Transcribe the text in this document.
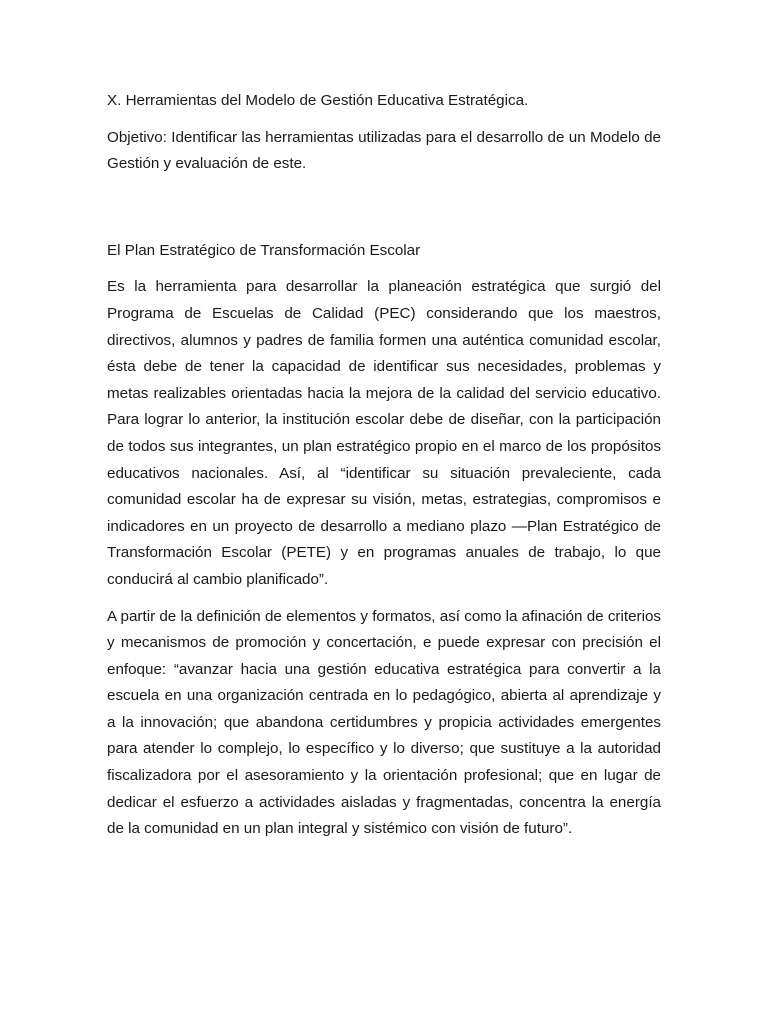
X. Herramientas del Modelo de Gestión Educativa Estratégica.

Objetivo: Identificar las herramientas utilizadas para el desarrollo de un Modelo de Gestión y evaluación de este.

El Plan Estratégico de Transformación Escolar

Es la herramienta para desarrollar la planeación estratégica que surgió del Programa de Escuelas de Calidad (PEC) considerando que los maestros, directivos, alumnos y padres de familia formen una auténtica comunidad escolar, ésta debe de tener la capacidad de identificar sus necesidades, problemas y metas realizables orientadas hacia la mejora de la calidad del servicio educativo. Para lograr lo anterior, la institución escolar debe de diseñar, con la participación de todos sus integrantes, un plan estratégico propio en el marco de los propósitos educativos nacionales. Así, al “identificar su situación prevaleciente, cada comunidad escolar ha de expresar su visión, metas, estrategias, compromisos e indicadores en un proyecto de desarrollo a mediano plazo —Plan Estratégico de Transformación Escolar (PETE) y en programas anuales de trabajo, lo que conducirá al cambio planificado”.

A partir de la definición de elementos y formatos, así como la afinación de criterios y mecanismos de promoción y concertación, e puede expresar con precisión el enfoque: “avanzar hacia una gestión educativa estratégica para convertir a la escuela en una organización centrada en lo pedagógico, abierta al aprendizaje y a la innovación; que abandona certidumbres y propicia actividades emergentes para atender lo complejo, lo específico y lo diverso; que sustituye a la autoridad fiscalizadora por el asesoramiento y la orientación profesional; que en lugar de dedicar el esfuerzo a actividades aisladas y fragmentadas, concentra la energía de la comunidad en un plan integral y sistémico con visión de futuro”.
